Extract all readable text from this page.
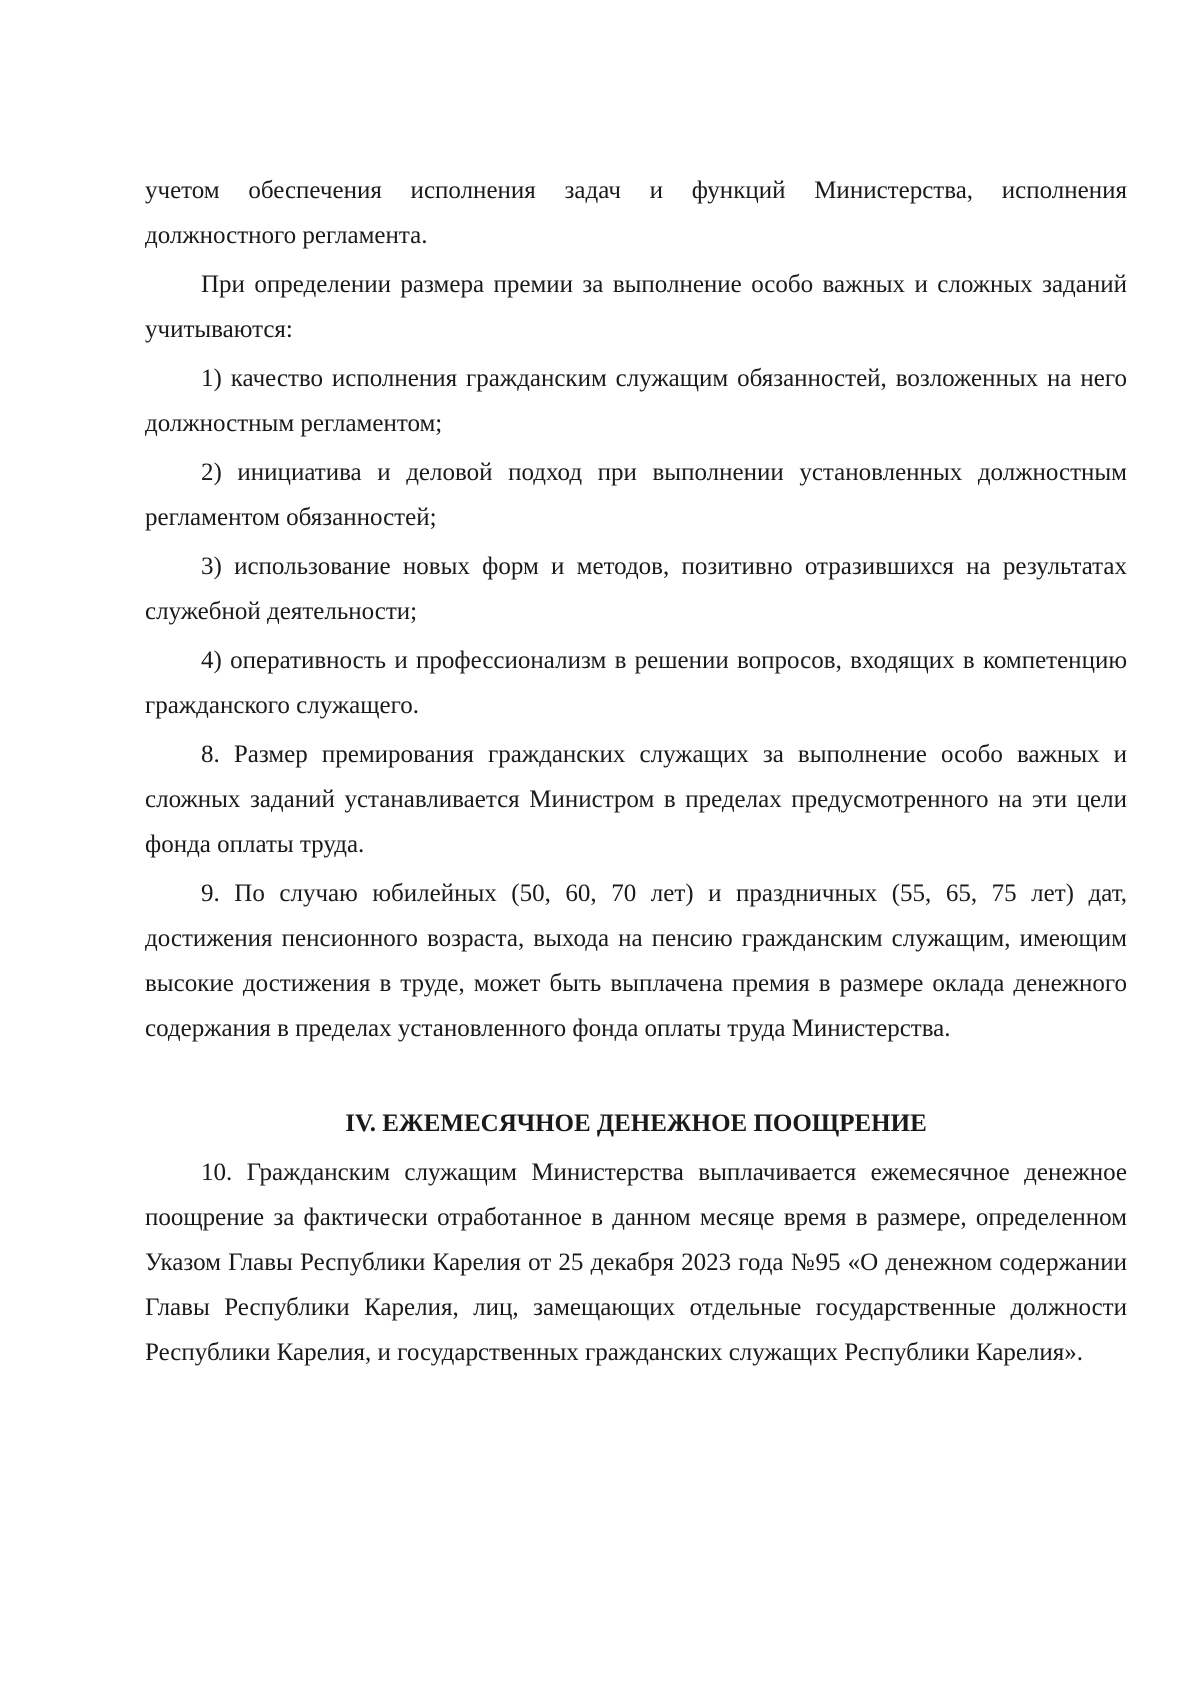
учетом обеспечения исполнения задач и функций Министерства, исполнения должностного регламента.

При определении размера премии за выполнение особо важных и сложных заданий учитываются:

1) качество исполнения гражданским служащим обязанностей, возложенных на него должностным регламентом;

2) инициатива и деловой подход при выполнении установленных должностным регламентом обязанностей;

3) использование новых форм и методов, позитивно отразившихся на результатах служебной деятельности;

4) оперативность и профессионализм в решении вопросов, входящих в компетенцию гражданского служащего.

8. Размер премирования гражданских служащих за выполнение особо важных и сложных заданий устанавливается Министром в пределах предусмотренного на эти цели фонда оплаты труда.

9. По случаю юбилейных (50, 60, 70 лет) и праздничных (55, 65, 75 лет) дат, достижения пенсионного возраста, выхода на пенсию гражданским служащим, имеющим высокие достижения в труде, может быть выплачена премия в размере оклада денежного содержания в пределах установленного фонда оплаты труда Министерства.

IV. ЕЖЕМЕСЯЧНОЕ ДЕНЕЖНОЕ ПООЩРЕНИЕ

10. Гражданским служащим Министерства выплачивается ежемесячное денежное поощрение за фактически отработанное в данном месяце время в размере, определенном Указом Главы Республики Карелия от 25 декабря 2023 года №95 «О денежном содержании Главы Республики Карелия, лиц, замещающих отдельные государственные должности Республики Карелия, и государственных гражданских служащих Республики Карелия».
